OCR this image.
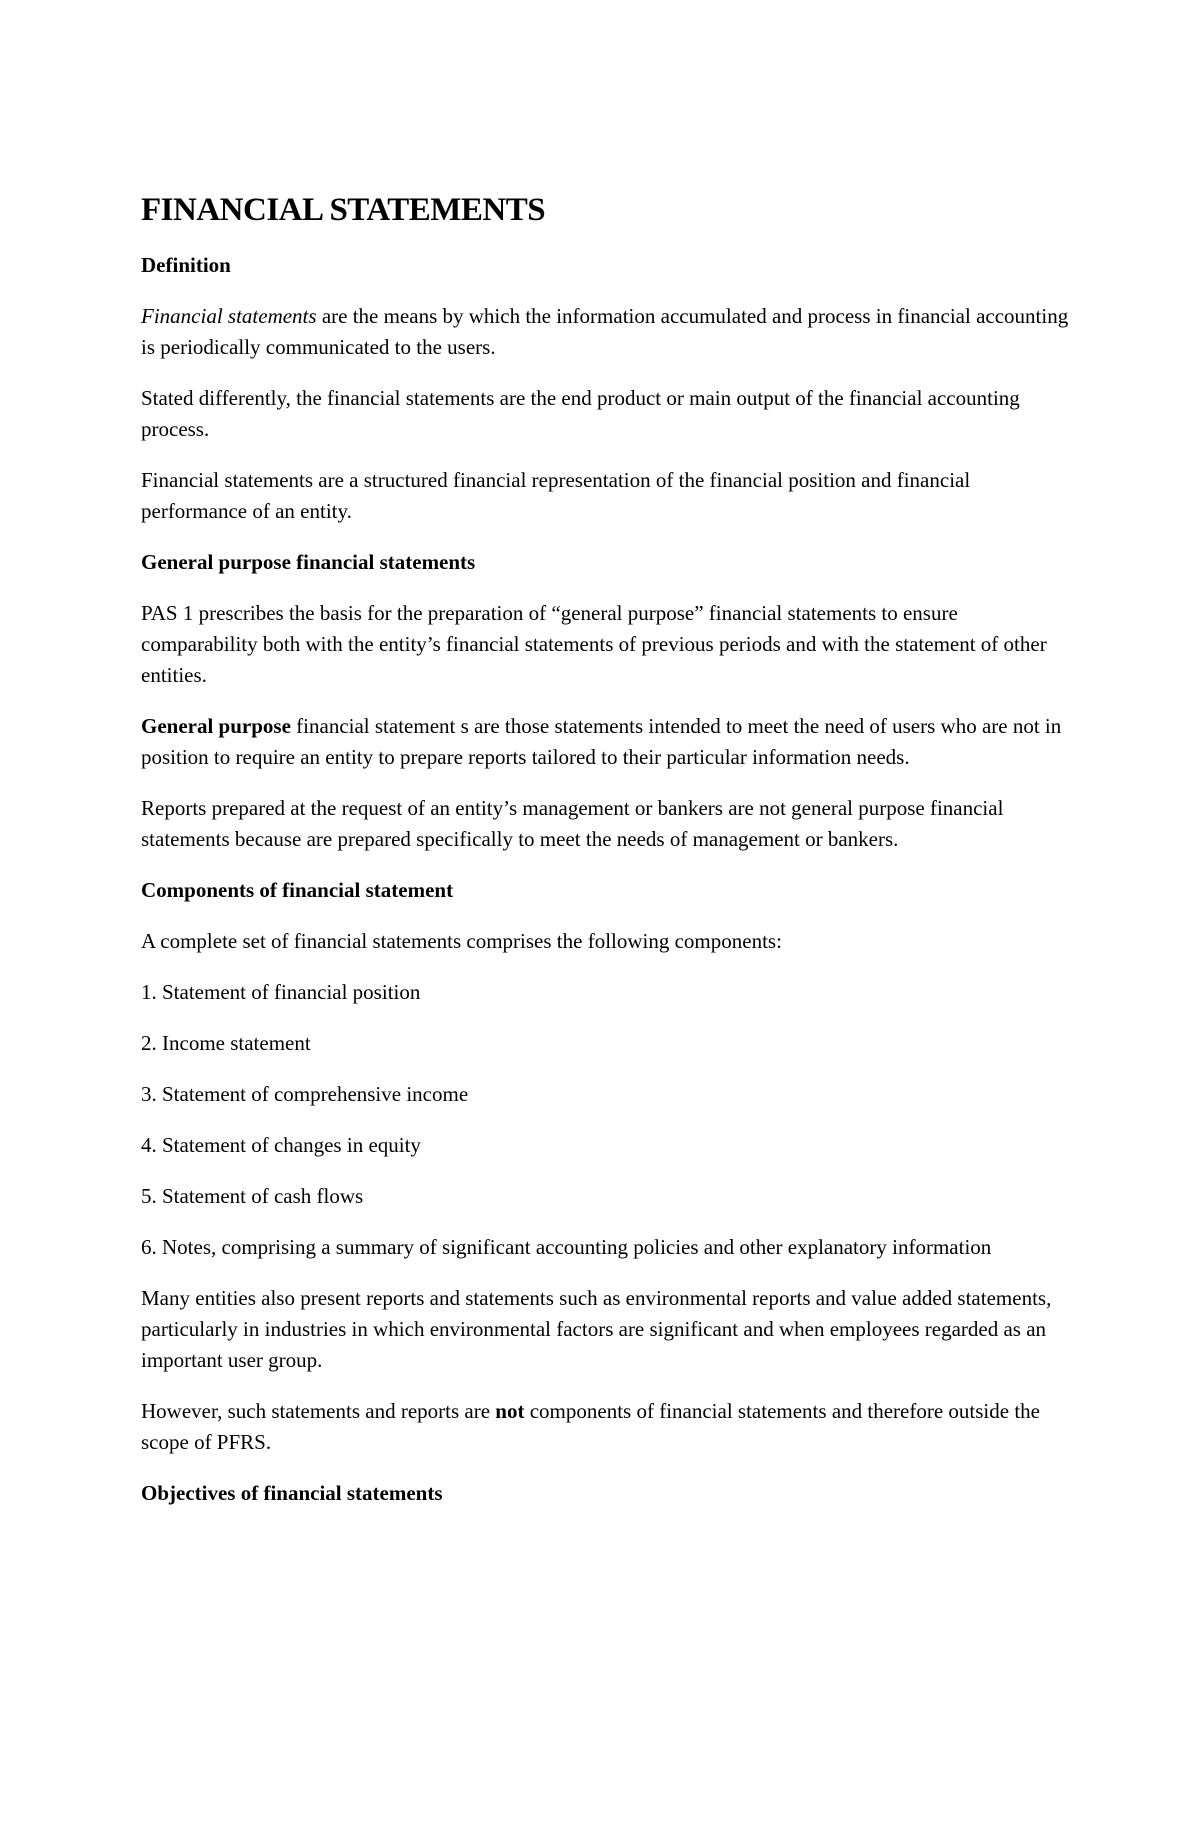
FINANCIAL STATEMENTS
Definition

Financial statements are the means by which the information accumulated and process in financial accounting is periodically communicated to the users.

Stated differently, the financial statements are the end product or main output of the financial accounting process.

Financial statements are a structured financial representation of the financial position and financial performance of an entity.

General purpose financial statements

PAS 1 prescribes the basis for the preparation of “general purpose” financial statements to ensure comparability both with the entity’s financial statements of previous periods and with the statement of other entities.

General purpose financial statement s are those statements intended to meet the need of users who are not in position to require an entity to prepare reports tailored to their particular information needs.

Reports prepared at the request of an entity’s management or bankers are not general purpose financial statements because are prepared specifically to meet the needs of management or bankers.

Components of financial statement

A complete set of financial statements comprises the following components:

1. Statement of financial position

2. Income statement

3. Statement of comprehensive income

4. Statement of changes in equity

5. Statement of cash flows

6. Notes, comprising a summary of significant accounting policies and other explanatory information

Many entities also present reports and statements such as environmental reports and value added statements, particularly in industries in which environmental factors are significant and when employees regarded as an important user group.

However, such statements and reports are not components of financial statements and therefore outside the scope of PFRS.

Objectives of financial statements
